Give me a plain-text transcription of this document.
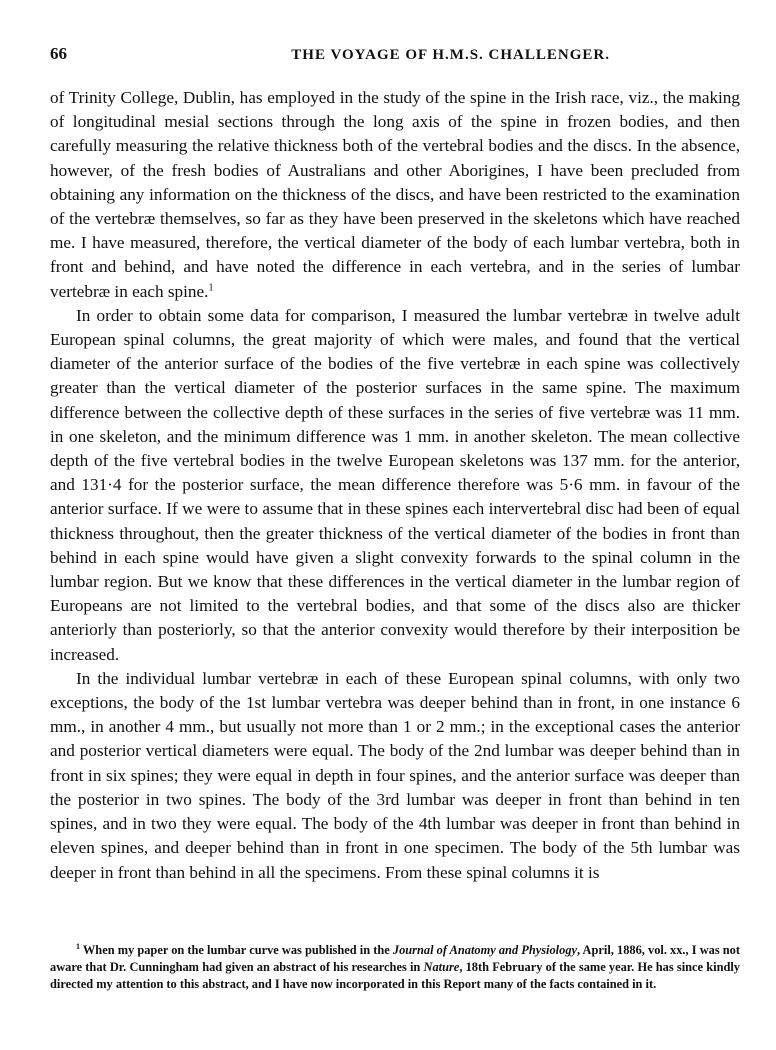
66	THE VOYAGE OF H.M.S. CHALLENGER.

of Trinity College, Dublin, has employed in the study of the spine in the Irish race, viz., the making of longitudinal mesial sections through the long axis of the spine in frozen bodies, and then carefully measuring the relative thickness both of the vertebral bodies and the discs. In the absence, however, of the fresh bodies of Australians and other Aborigines, I have been precluded from obtaining any information on the thickness of the discs, and have been restricted to the examination of the vertebræ themselves, so far as they have been preserved in the skeletons which have reached me. I have measured, therefore, the vertical diameter of the body of each lumbar vertebra, both in front and behind, and have noted the difference in each vertebra, and in the series of lumbar vertebræ in each spine.$^1$

In order to obtain some data for comparison, I measured the lumbar vertebræ in twelve adult European spinal columns, the great majority of which were males, and found that the vertical diameter of the anterior surface of the bodies of the five vertebræ in each spine was collectively greater than the vertical diameter of the posterior surfaces in the same spine. The maximum difference between the collective depth of these surfaces in the series of five vertebræ was 11 mm. in one skeleton, and the minimum difference was 1 mm. in another skeleton. The mean collective depth of the five vertebral bodies in the twelve European skeletons was 137 mm. for the anterior, and 131·4 for the posterior surface, the mean difference therefore was 5·6 mm. in favour of the anterior surface. If we were to assume that in these spines each intervertebral disc had been of equal thickness throughout, then the greater thickness of the vertical diameter of the bodies in front than behind in each spine would have given a slight convexity forwards to the spinal column in the lumbar region. But we know that these differences in the vertical diameter in the lumbar region of Europeans are not limited to the vertebral bodies, and that some of the discs also are thicker anteriorly than posteriorly, so that the anterior convexity would therefore by their interposition be increased.

In the individual lumbar vertebræ in each of these European spinal columns, with only two exceptions, the body of the 1st lumbar vertebra was deeper behind than in front, in one instance 6 mm., in another 4 mm., but usually not more than 1 or 2 mm.; in the exceptional cases the anterior and posterior vertical diameters were equal. The body of the 2nd lumbar was deeper behind than in front in six spines; they were equal in depth in four spines, and the anterior surface was deeper than the posterior in two spines. The body of the 3rd lumbar was deeper in front than behind in ten spines, and in two they were equal. The body of the 4th lumbar was deeper in front than behind in eleven spines, and deeper behind than in front in one specimen. The body of the 5th lumbar was deeper in front than behind in all the specimens. From these spinal columns it is

$^1$ When my paper on the lumbar curve was published in the Journal of Anatomy and Physiology, April, 1886, vol. xx., I was not aware that Dr. Cunningham had given an abstract of his researches in Nature, 18th February of the same year. He has since kindly directed my attention to this abstract, and I have now incorporated in this Report many of the facts contained in it.
